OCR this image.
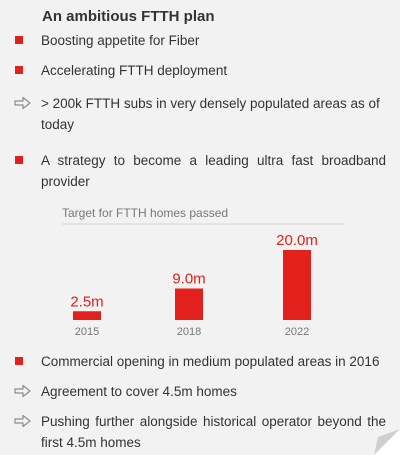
An ambitious FTTH plan
Boosting appetite for Fiber
Accelerating FTTH deployment
> 200k FTTH subs in very densely populated areas as of today
A strategy to become a leading ultra fast broadband provider
Target for FTTH homes passed
2.5m
2015
9.0m
2018
20.0m
2022
Commercial opening in medium populated areas in 2016
Agreement to cover 4.5m homes
Pushing further alongside historical operator beyond the first 4.5m homes
